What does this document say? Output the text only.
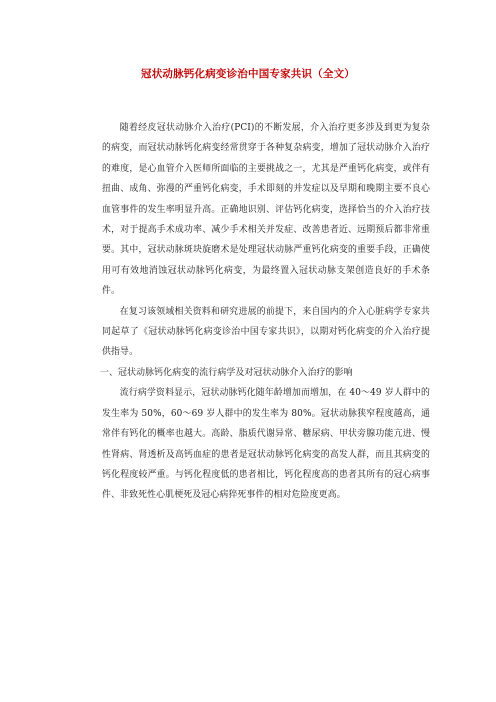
冠状动脉钙化病变诊治中国专家共识（全文）

随着经皮冠状动脉介入治疗(PCI)的不断发展，介入治疗更多涉及到更为复杂的病变，而冠状动脉钙化病变经常贯穿于各种复杂病变，增加了冠状动脉介入治疗的难度，是心血管介入医师所面临的主要挑战之一，尤其是严重钙化病变，或伴有扭曲、成角、弥漫的严重钙化病变，手术即刻的并发症以及早期和晚期主要不良心血管事件的发生率明显升高。正确地识别、评估钙化病变，选择恰当的介入治疗技术，对于提高手术成功率、减少手术相关并发症、改善患者近、远期预后都非常重要。其中，冠状动脉斑块旋磨术是处理冠状动脉严重钙化病变的重要手段，正确使用可有效地消蚀冠状动脉钙化病变，为最终置入冠状动脉支架创造良好的手术条件。

在复习该领域相关资料和研究进展的前提下，来自国内的介入心脏病学专家共同起草了《冠状动脉钙化病变诊治中国专家共识》，以期对钙化病变的介入治疗提供指导。

一、冠状动脉钙化病变的流行病学及对冠状动脉介入治疗的影响

流行病学资料显示，冠状动脉钙化随年龄增加而增加，在 40～49 岁人群中的发生率为 50%，60～69 岁人群中的发生率为 80%。冠状动脉狭窄程度越高，通常伴有钙化的概率也越大。高龄、脂质代谢异常、糖尿病、甲状旁腺功能亢进、慢性肾病、肾透析及高钙血症的患者是冠状动脉钙化病变的高发人群，而且其病变的钙化程度较严重。与钙化程度低的患者相比，钙化程度高的患者其所有的冠心病事件、非致死性心肌梗死及冠心病猝死事件的相对危险度更高。
